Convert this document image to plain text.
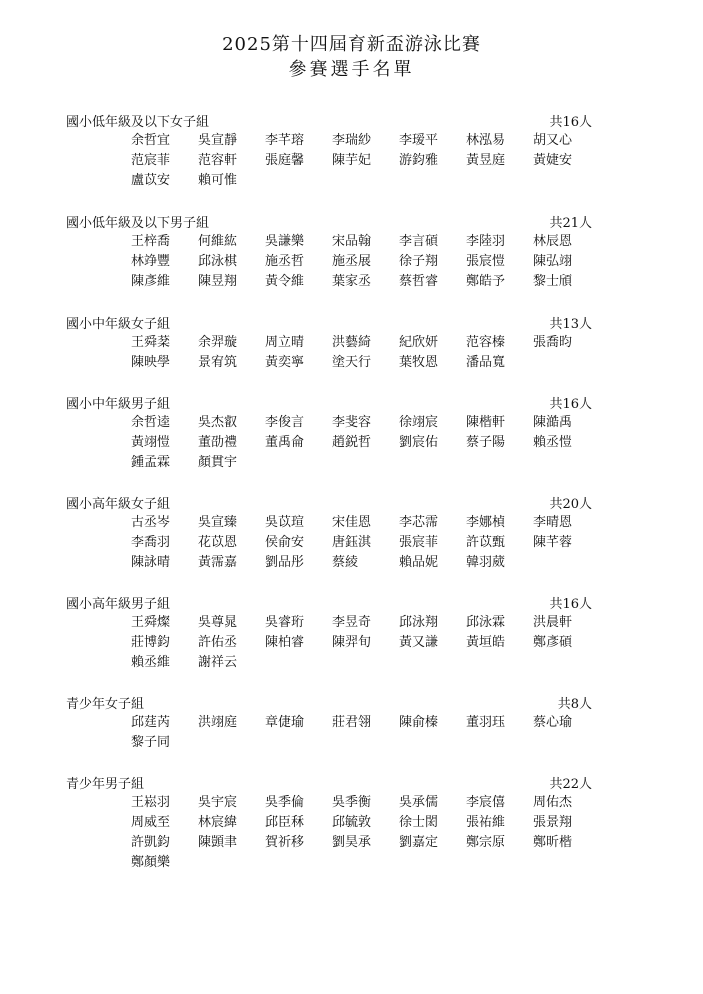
2025第十四屆育新盃游泳比賽
參賽選手名單
國小低年級及以下女子組	共16人
余哲宜	吳宣靜	李芊瑢	李瑞紗	李瑷平	林泓易	胡又心
范宸菲	范容軒	張庭馨	陳芋妃	游鈞雅	黃昱庭	黃婕安
盧苡安	賴可惟
國小低年級及以下男子組	共21人
王梓喬	何維紘	吳謙樂	宋品翰	李言碩	李陸羽	林辰恩
林竫豐	邱泳棋	施丞哲	施丞展	徐子翔	張宸愷	陳弘翊
陳彥維	陳昱翔	黃令維	葉家丞	蔡哲睿	鄭皓予	黎士頎
國小中年級女子組	共13人
王舜棻	余羿璇	周立晴	洪藝綺	紀欣妍	范容榛	張喬昀
陳映學	景宥筑	黃奕寧	塗天行	葉牧恩	潘品寬
國小中年級男子組	共16人
余哲逵	吳杰叡	李俊言	李斐容	徐翊宸	陳楷軒	陳澔禹
黃翊愷	董劭禮	董禹侖	趙鋭哲	劉宸佑	蔡子陽	賴丞愷
鍾孟霖	顏貫宇
國小高年級女子組	共20人
古丞岑	吳宣臻	吳苡瑄	宋佳恩	李芯霈	李娜楨	李晴恩
李喬羽	花苡恩	侯俞安	唐鈺淇	張宸菲	許苡甄	陳芊蓉
陳詠晴	黃霈嘉	劉品彤	蔡綾	賴品妮	韓羽葳
國小高年級男子組	共16人
王舜燦	吳尊晁	吳睿珩	李昱奇	邱泳翔	邱泳霖	洪晨軒
莊博鈞	許佑丞	陳柏睿	陳羿旬	黃又謙	黃垣皓	鄭彥碩
賴丞維	謝祥云
青少年女子組	共8人
邱莛芮	洪翊庭	章倢瑜	莊君翎	陳俞榛	董羽珏	蔡心瑜
黎子同
青少年男子組	共22人
王崧羽	吳宇宸	吳季倫	吳季衡	吳承儒	李宸僖	周佑杰
周威至	林宸緯	邱臣秝	邱毓敦	徐士閎	張祐維	張景翔
許凱鈞	陳顗聿	賀祈移	劉昊承	劉嘉定	鄭宗原	鄭昕楷
鄭顏樂
